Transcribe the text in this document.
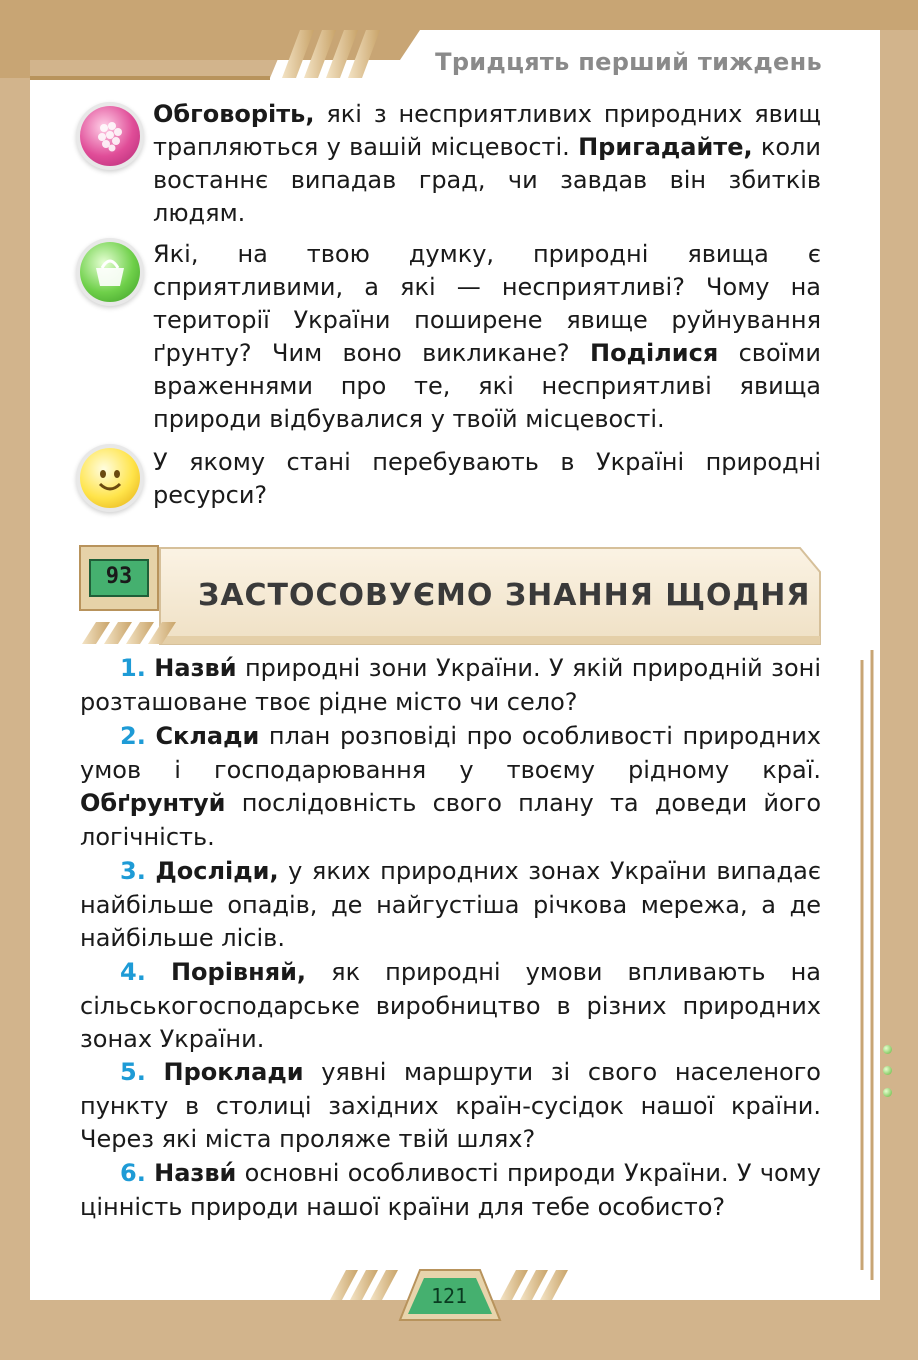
Тридцять перший тиждень
Обговоріть, які з несприятливих природних явищ трапляються у вашій місцевості. Пригадайте, коли востаннє випадав град, чи завдав він збитків людям.
Які, на твою думку, природні явища є сприятливими, а які — несприятливі? Чому на території України поширене явище руйнування ґрунту? Чим воно викликане? Поділися своїми враженнями про те, які несприятливі явища природи відбувалися у твоїй місцевості.
У якому стані перебувають в Україні природні ресурси?
93
ЗАСТОСОВУЄМО ЗНАННЯ ЩОДНЯ
1. Назви́ природні зони України. У якій природній зоні розташоване твоє рідне місто чи село?
2. Склади план розповіді про особливості природних умов і господарювання у твоєму рідному краї. Обґрунтуй послідовність свого плану та доведи його логічність.
3. Досліди, у яких природних зонах України випадає найбільше опадів, де найгустіша річкова мережа, а де найбільше лісів.
4. Порівняй, як природні умови впливають на сільськогосподарське виробництво в різних природних зонах України.
5. Проклади уявні маршрути зі свого населеного пункту в столиці західних країн-сусідок нашої країни. Через які міста проляже твій шлях?
6. Назви́ основні особливості природи України. У чому цінність природи нашої країни для тебе особисто?
121
